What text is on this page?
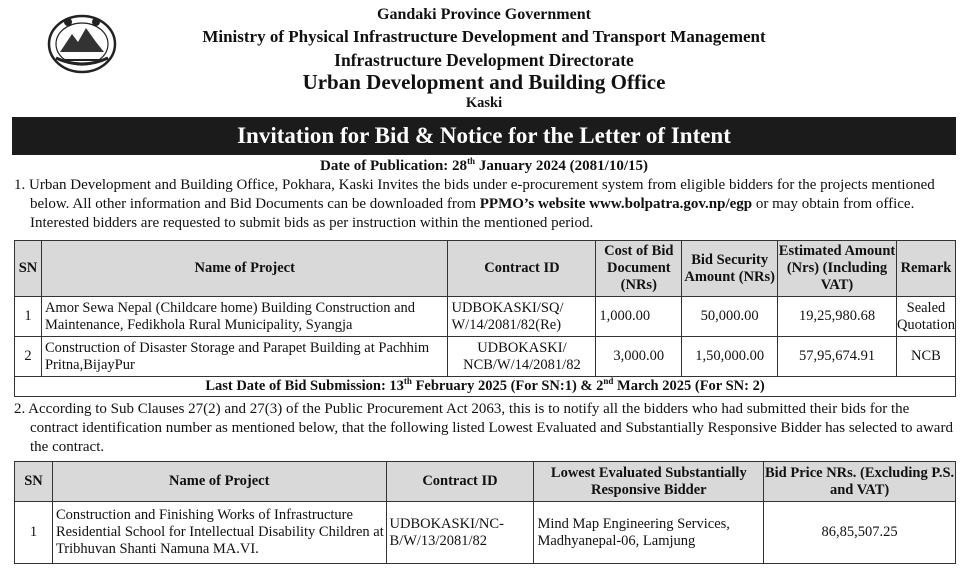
Gandaki Province Government
Ministry of Physical Infrastructure Development and Transport Management
Infrastructure Development Directorate
Urban Development and Building Office
Kaski
Invitation for Bid & Notice for the Letter of Intent
Date of Publication: 28th January 2024 (2081/10/15)
1. Urban Development and Building Office, Pokhara, Kaski Invites the bids under e-procurement system from eligible bidders for the projects mentioned below. All other information and Bid Documents can be downloaded from PPMO’s website www.bolpatra.gov.np/egp or may obtain from office. Interested bidders are requested to submit bids as per instruction within the mentioned period.
ꞏ ꞏ ꞏ
SN	Name of Project	Contract ID	Cost of Bid Document (NRs)	Bid Security Amount (NRs)	Estimated Amount (Nrs) (Including VAT)	Remark
1	Amor Sewa Nepal (Childcare home) Building Construction and Maintenance, Fedikhola Rural Municipality, Syangja	UDBOKASKI/SQ/ W/14/2081/82(Re)	1,000.00	50,000.00	19,25,980.68	Sealed Quotation
2	Construction of Disaster Storage and Parapet Building at Pachhim Pritna,BijayPur	UDBOKASKI/ NCB/W/14/2081/82	3,000.00	1,50,000.00	57,95,674.91	NCB
Last Date of Bid Submission: 13th February 2025 (For SN:1) & 2nd March 2025 (For SN: 2)						
2. According to Sub Clauses 27(2) and 27(3) of the Public Procurement Act 2063, this is to notify all the bidders who had submitted their bids for the contract identification number as mentioned below, that the following listed Lowest Evaluated and Substantially Responsive Bidder has selected to award the contract.
SN	Name of Project	Contract ID	Lowest Evaluated Substantially Responsive Bidder	Bid Price NRs. (Excluding P.S. and VAT)
1	Construction and Finishing Works of Infrastructure Residential School for Intellectual Disability Children at Tribhuvan Shanti Namuna MA.VI.	UDBOKASKI/NC-B/W/13/2081/82	Mind Map Engineering Services, Madhyanepal-06, Lamjung	86,85,507.25
